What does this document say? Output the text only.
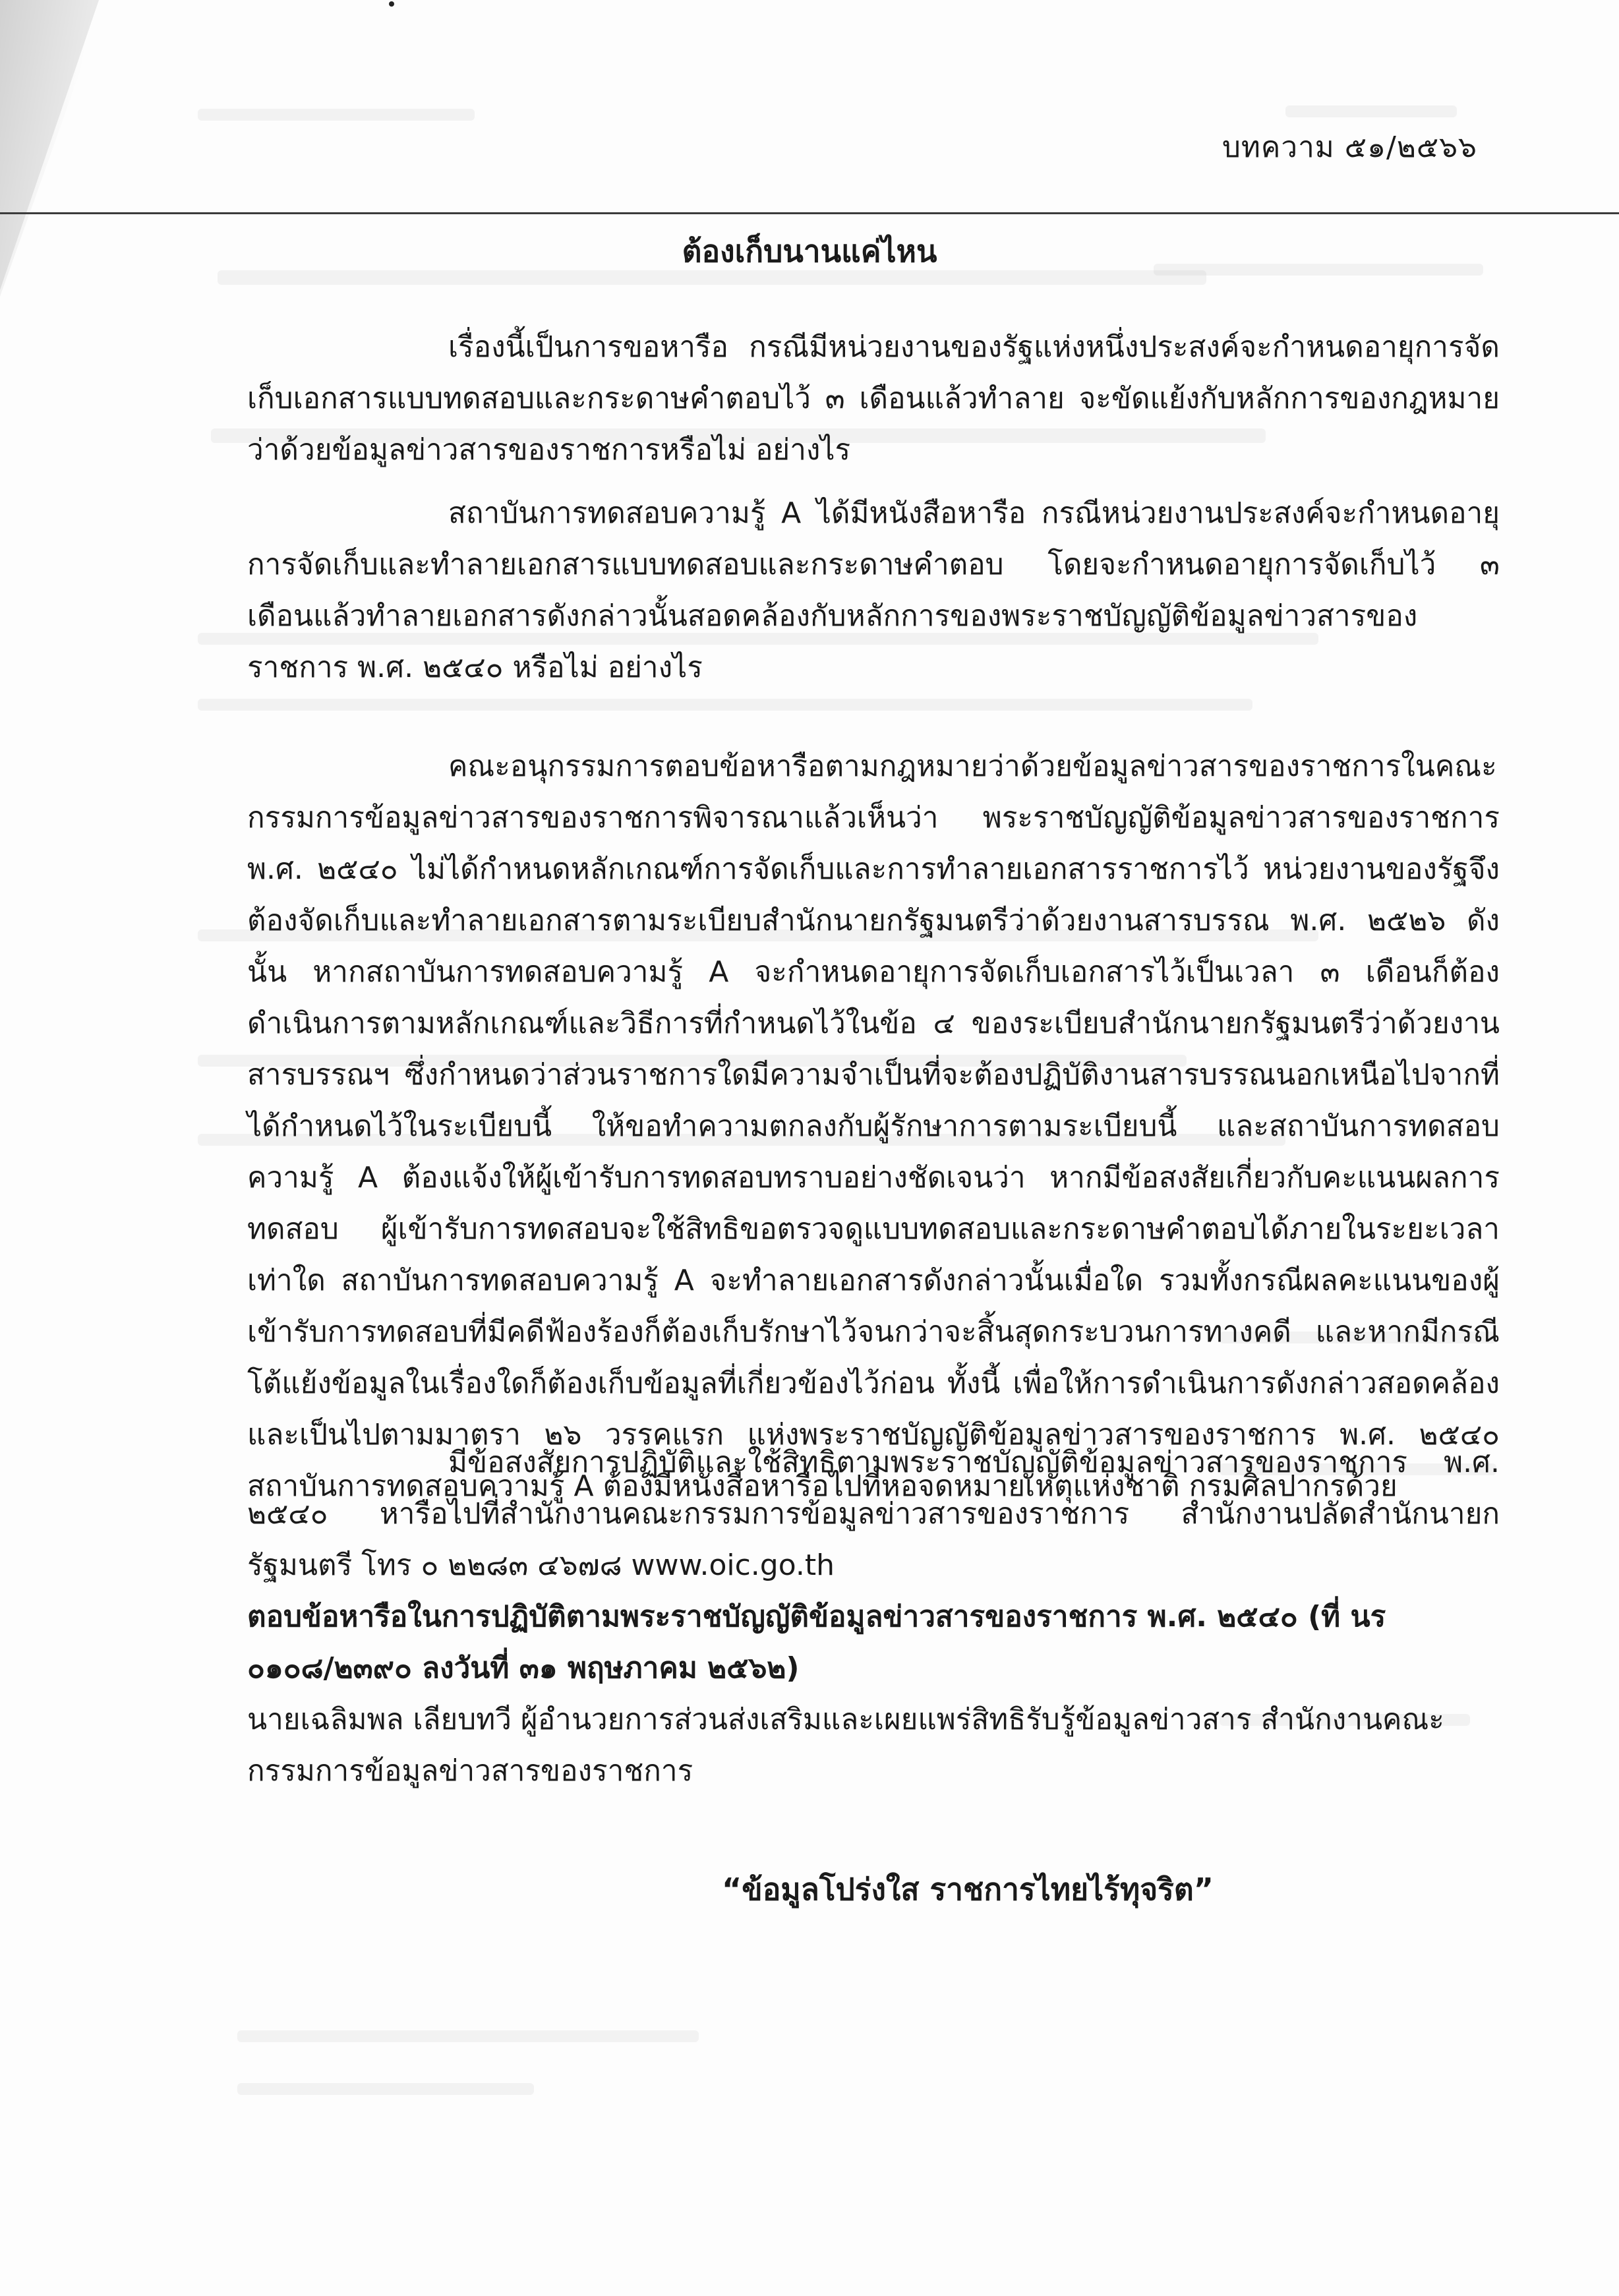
บทความ ๕๑/๒๕๖๖
ต้องเก็บนานแค่ไหน

เรื่องนี้เป็นการขอหารือ กรณีมีหน่วยงานของรัฐแห่งหนึ่งประสงค์จะกำหนดอายุการจัดเก็บเอกสารแบบทดสอบและกระดาษคำตอบไว้ ๓ เดือนแล้วทำลาย จะขัดแย้งกับหลักการของกฎหมายว่าด้วยข้อมูลข่าวสารของราชการหรือไม่ อย่างไร

สถาบันการทดสอบความรู้ A ได้มีหนังสือหารือ กรณีหน่วยงานประสงค์จะกำหนดอายุการจัดเก็บและทำลายเอกสารแบบทดสอบและกระดาษคำตอบ โดยจะกำหนดอายุการจัดเก็บไว้ ๓ เดือนแล้วทำลายเอกสารดังกล่าวนั้นสอดคล้องกับหลักการของพระราชบัญญัติข้อมูลข่าวสารของราชการ พ.ศ. ๒๕๔๐ หรือไม่ อย่างไร

คณะอนุกรรมการตอบข้อหารือตามกฎหมายว่าด้วยข้อมูลข่าวสารของราชการในคณะกรรมการข้อมูลข่าวสารของราชการพิจารณาแล้วเห็นว่า พระราชบัญญัติข้อมูลข่าวสารของราชการ พ.ศ. ๒๕๔๐ ไม่ได้กำหนดหลักเกณฑ์การจัดเก็บและการทำลายเอกสารราชการไว้ หน่วยงานของรัฐจึงต้องจัดเก็บและทำลายเอกสารตามระเบียบสำนักนายกรัฐมนตรีว่าด้วยงานสารบรรณ พ.ศ. ๒๕๒๖ ดังนั้น หากสถาบันการทดสอบความรู้ A จะกำหนดอายุการจัดเก็บเอกสารไว้เป็นเวลา ๓ เดือนก็ต้องดำเนินการตามหลักเกณฑ์และวิธีการที่กำหนดไว้ในข้อ ๔ ของระเบียบสำนักนายกรัฐมนตรีว่าด้วยงานสารบรรณฯ ซึ่งกำหนดว่าส่วนราชการใดมีความจำเป็นที่จะต้องปฏิบัติงานสารบรรณนอกเหนือไปจากที่ได้กำหนดไว้ในระเบียบนี้ ให้ขอทำความตกลงกับผู้รักษาการตามระเบียบนี้ และสถาบันการทดสอบความรู้ A ต้องแจ้งให้ผู้เข้ารับการทดสอบทราบอย่างชัดเจนว่า หากมีข้อสงสัยเกี่ยวกับคะแนนผลการทดสอบ ผู้เข้ารับการทดสอบจะใช้สิทธิขอตรวจดูแบบทดสอบและกระดาษคำตอบได้ภายในระยะเวลาเท่าใด สถาบันการทดสอบความรู้ A จะทำลายเอกสารดังกล่าวนั้นเมื่อใด รวมทั้งกรณีผลคะแนนของผู้เข้ารับการทดสอบที่มีคดีฟ้องร้องก็ต้องเก็บรักษาไว้จนกว่าจะสิ้นสุดกระบวนการทางคดี และหากมีกรณีโต้แย้งข้อมูลในเรื่องใดก็ต้องเก็บข้อมูลที่เกี่ยวข้องไว้ก่อน ทั้งนี้ เพื่อให้การดำเนินการดังกล่าวสอดคล้องและเป็นไปตามมาตรา ๒๖ วรรคแรก แห่งพระราชบัญญัติข้อมูลข่าวสารของราชการ พ.ศ. ๒๕๔๐ สถาบันการทดสอบความรู้ A ต้องมีหนังสือหารือไปที่หอจดหมายเหตุแห่งชาติ กรมศิลปากรด้วย

มีข้อสงสัยการปฏิบัติและใช้สิทธิตามพระราชบัญญัติข้อมูลข่าวสารของราชการ พ.ศ. ๒๕๔๐ หารือไปที่สำนักงานคณะกรรมการข้อมูลข่าวสารของราชการ สำนักงานปลัดสำนักนายกรัฐมนตรี โทร ๐ ๒๒๘๓ ๔๖๗๘ www.oic.go.th

ตอบข้อหารือในการปฏิบัติตามพระราชบัญญัติข้อมูลข่าวสารของราชการ พ.ศ. ๒๕๔๐ (ที่ นร ๐๑๐๘/๒๓๙๐ ลงวันที่ ๓๑ พฤษภาคม ๒๕๖๒)

นายเฉลิมพล เลียบทวี ผู้อำนวยการส่วนส่งเสริมและเผยแพร่สิทธิรับรู้ข้อมูลข่าวสาร สำนักงานคณะกรรมการข้อมูลข่าวสารของราชการ

“ข้อมูลโปร่งใส ราชการไทยไร้ทุจริต”
